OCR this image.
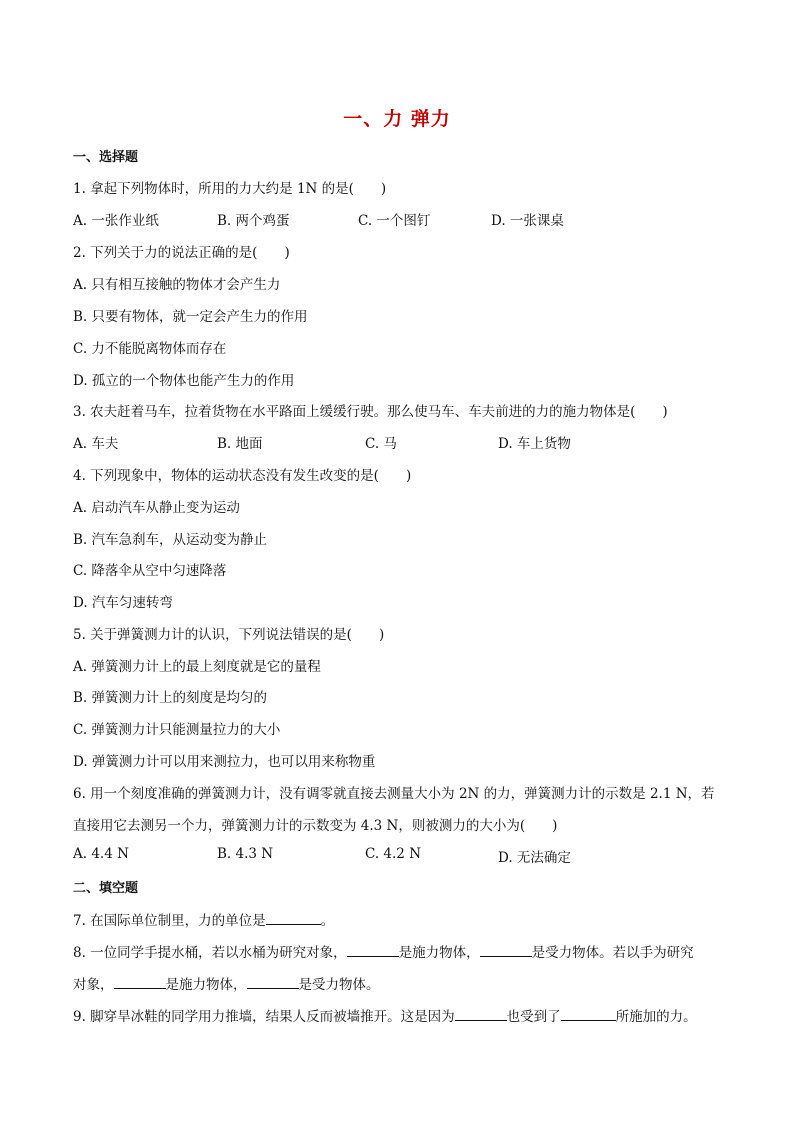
一、力 弹力
一、选择题
1. 拿起下列物体时，所用的力大约是 1N 的是(　　)
A. 一张作业纸	B. 两个鸡蛋	C. 一个图钉	D. 一张课桌
2. 下列关于力的说法正确的是(　　)
A. 只有相互接触的物体才会产生力
B. 只要有物体，就一定会产生力的作用
C. 力不能脱离物体而存在
D. 孤立的一个物体也能产生力的作用
3. 农夫赶着马车，拉着货物在水平路面上缓缓行驶。那么使马车、车夫前进的力的施力物体是(　　)
A. 车夫	B. 地面	C. 马	D. 车上货物
4. 下列现象中，物体的运动状态没有发生改变的是(　　)
A. 启动汽车从静止变为运动
B. 汽车急刹车，从运动变为静止
C. 降落伞从空中匀速降落
D. 汽车匀速转弯
5. 关于弹簧测力计的认识，下列说法错误的是(　　)
A. 弹簧测力计上的最上刻度就是它的量程
B. 弹簧测力计上的刻度是均匀的
C. 弹簧测力计只能测量拉力的大小
D. 弹簧测力计可以用来测拉力，也可以用来称物重
6. 用一个刻度准确的弹簧测力计，没有调零就直接去测量大小为 2N 的力，弹簧测力计的示数是 2.1 N，若
直接用它去测另一个力，弹簧测力计的示数变为 4.3 N，则被测力的大小为(　　)
A. 4.4 N	B. 4.3 N	C. 4.2 N	D. 无法确定
二、填空题
7. 在国际单位制里，力的单位是	。
8. 一位同学手提水桶，若以水桶为研究对象，	是施力物体，	是受力物体。若以手为研究
对象，	是施力物体，	是受力物体。
9. 脚穿旱冰鞋的同学用力推墙，结果人反而被墙推开。这是因为	也受到了	所施加的力。
